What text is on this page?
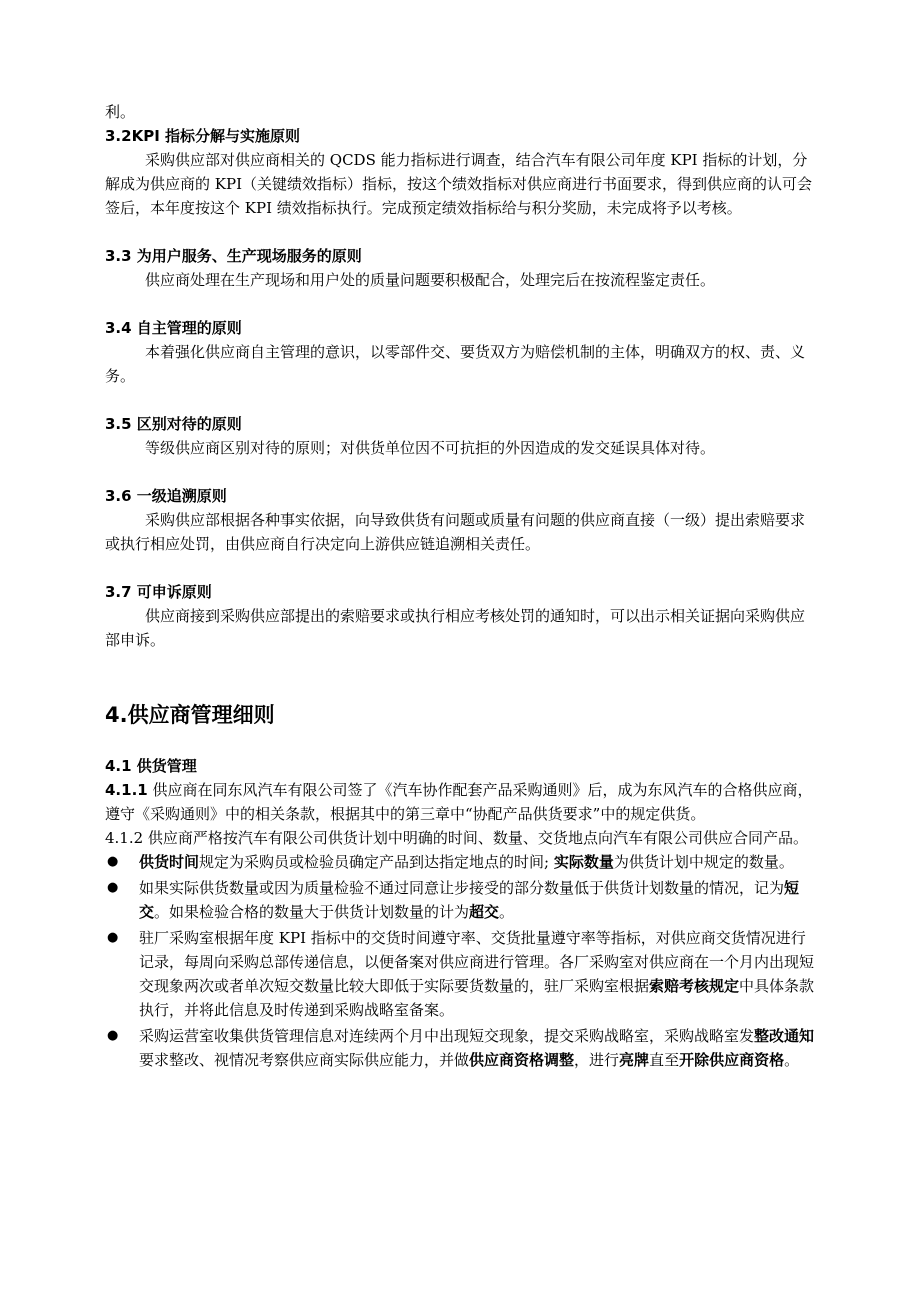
利。

3.2KPI 指标分解与实施原则

采购供应部对供应商相关的 QCDS 能力指标进行调查，结合汽车有限公司年度 KPI 指标的计划，分解成为供应商的 KPI（关键绩效指标）指标，按这个绩效指标对供应商进行书面要求，得到供应商的认可会签后，本年度按这个 KPI 绩效指标执行。完成预定绩效指标给与积分奖励，未完成将予以考核。

3.3 为用户服务、生产现场服务的原则

供应商处理在生产现场和用户处的质量问题要积极配合，处理完后在按流程鉴定责任。

3.4 自主管理的原则

本着强化供应商自主管理的意识，以零部件交、要货双方为赔偿机制的主体，明确双方的权、责、义务。

3.5 区别对待的原则

等级供应商区别对待的原则；对供货单位因不可抗拒的外因造成的发交延误具体对待。

3.6 一级追溯原则

采购供应部根据各种事实依据，向导致供货有问题或质量有问题的供应商直接（一级）提出索赔要求或执行相应处罚，由供应商自行决定向上游供应链追溯相关责任。

3.7 可申诉原则

供应商接到采购供应部提出的索赔要求或执行相应考核处罚的通知时，可以出示相关证据向采购供应部申诉。

4.供应商管理细则
4.1 供货管理

4.1.1 供应商在同东风汽车有限公司签了《汽车协作配套产品采购通则》后，成为东风汽车的合格供应商，遵守《采购通则》中的相关条款，根据其中的第三章中“协配产品供货要求”中的规定供货。

4.1.2 供应商严格按汽车有限公司供货计划中明确的时间、数量、交货地点向汽车有限公司供应合同产品。

● 供货时间规定为采购员或检验员确定产品到达指定地点的时间; 实际数量为供货计划中规定的数量。
● 如果实际供货数量或因为质量检验不通过同意让步接受的部分数量低于供货计划数量的情况，记为短交。如果检验合格的数量大于供货计划数量的计为超交。
● 驻厂采购室根据年度 KPI 指标中的交货时间遵守率、交货批量遵守率等指标，对供应商交货情况进行记录，每周向采购总部传递信息，以便备案对供应商进行管理。各厂采购室对供应商在一个月内出现短交现象两次或者单次短交数量比较大即低于实际要货数量的，驻厂采购室根据索赔考核规定中具体条款执行，并将此信息及时传递到采购战略室备案。
● 采购运营室收集供货管理信息对连续两个月中出现短交现象，提交采购战略室，采购战略室发整改通知要求整改、视情况考察供应商实际供应能力，并做供应商资格调整，进行亮牌直至开除供应商资格。
